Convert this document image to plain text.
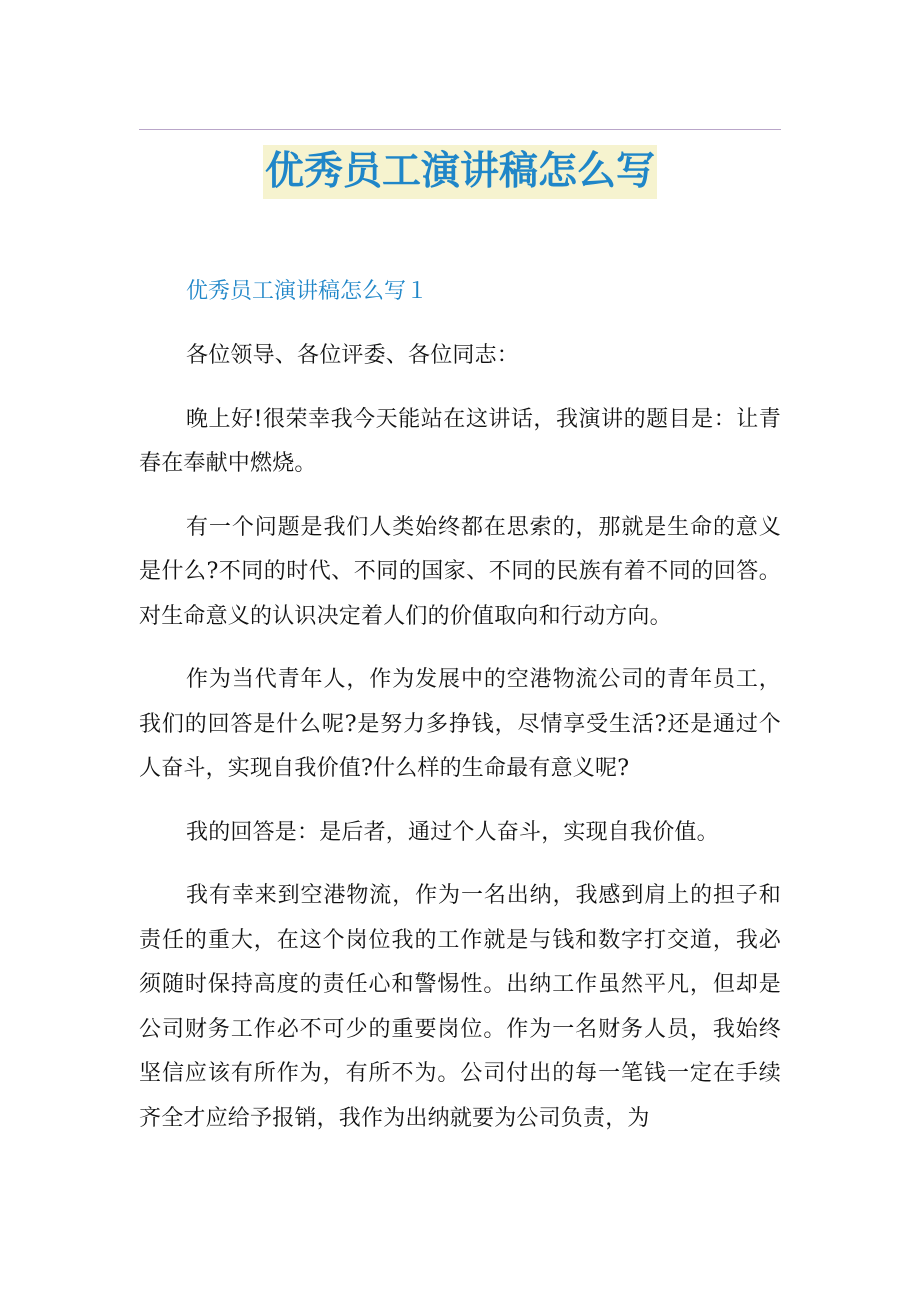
优秀员工演讲稿怎么写

优秀员工演讲稿怎么写１

各位领导、各位评委、各位同志：

晚上好!很荣幸我今天能站在这讲话，我演讲的题目是：让青春在奉献中燃烧。

有一个问题是我们人类始终都在思索的，那就是生命的意义是什么?不同的时代、不同的国家、不同的民族有着不同的回答。对生命意义的认识决定着人们的价值取向和行动方向。

作为当代青年人，作为发展中的空港物流公司的青年员工，我们的回答是什么呢?是努力多挣钱，尽情享受生活?还是通过个人奋斗，实现自我价值?什么样的生命最有意义呢?

我的回答是：是后者，通过个人奋斗，实现自我价值。

我有幸来到空港物流，作为一名出纳，我感到肩上的担子和责任的重大，在这个岗位我的工作就是与钱和数字打交道，我必须随时保持高度的责任心和警惕性。出纳工作虽然平凡，但却是公司财务工作必不可少的重要岗位。作为一名财务人员，我始终坚信应该有所作为，有所不为。公司付出的每一笔钱一定在手续齐全才应给予报销，我作为出纳就要为公司负责，为
